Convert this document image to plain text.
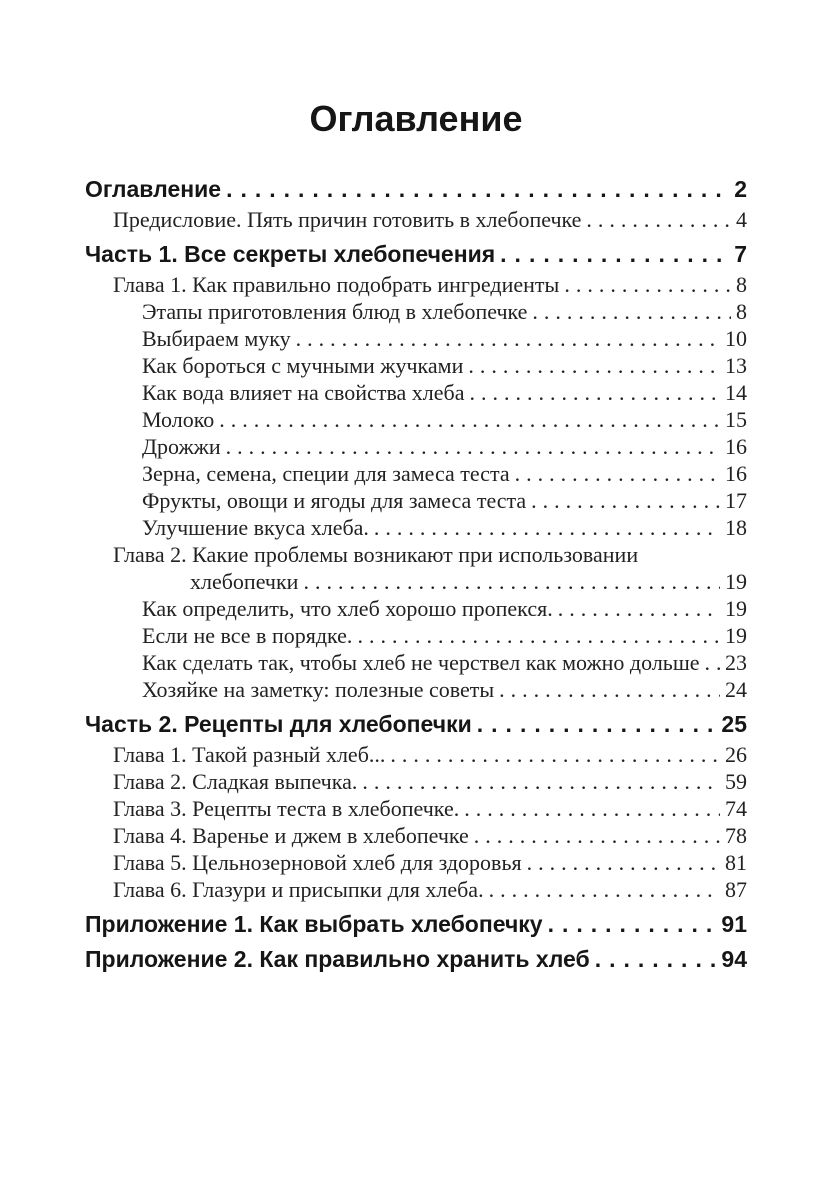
Оглавление
Оглавление .....	2
Предисловие. Пять причин готовить в хлебопечке .....	4
Часть 1. Все секреты хлебопечения .....	7
Глава 1. Как правильно подобрать ингредиенты .....	8
Этапы приготовления блюд в хлебопечке .....	8
Выбираем муку .....	10
Как бороться с мучными жучками .....	13
Как вода влияет на свойства хлеба .....	14
Молоко .....	15
Дрожжи .....	16
Зерна, семена, специи для замеса теста .....	16
Фрукты, овощи и ягоды для замеса теста .....	17
Улучшение вкуса хлеба. .....	18
Глава 2. Какие проблемы возникают при использовании
хлебопечки .....	19
Как определить, что хлеб хорошо пропекся. .....	19
Если не все в порядке. .....	19
Как сделать так, чтобы хлеб не черствел как можно дольше ..... 23
Хозяйке на заметку: полезные советы .....	24
Часть 2. Рецепты для хлебопечки .....	25
Глава 1. Такой разный хлеб... .....	26
Глава 2. Сладкая выпечка. .....	59
Глава 3. Рецепты теста в хлебопечке. .....	74
Глава 4. Варенье и джем в хлебопечке .....	78
Глава 5. Цельнозерновой хлеб для здоровья .....	81
Глава 6. Глазури и присыпки для хлеба. .....	87
Приложение 1. Как выбрать хлебопечку .....	91
Приложение 2. Как правильно хранить хлеб .....	94
